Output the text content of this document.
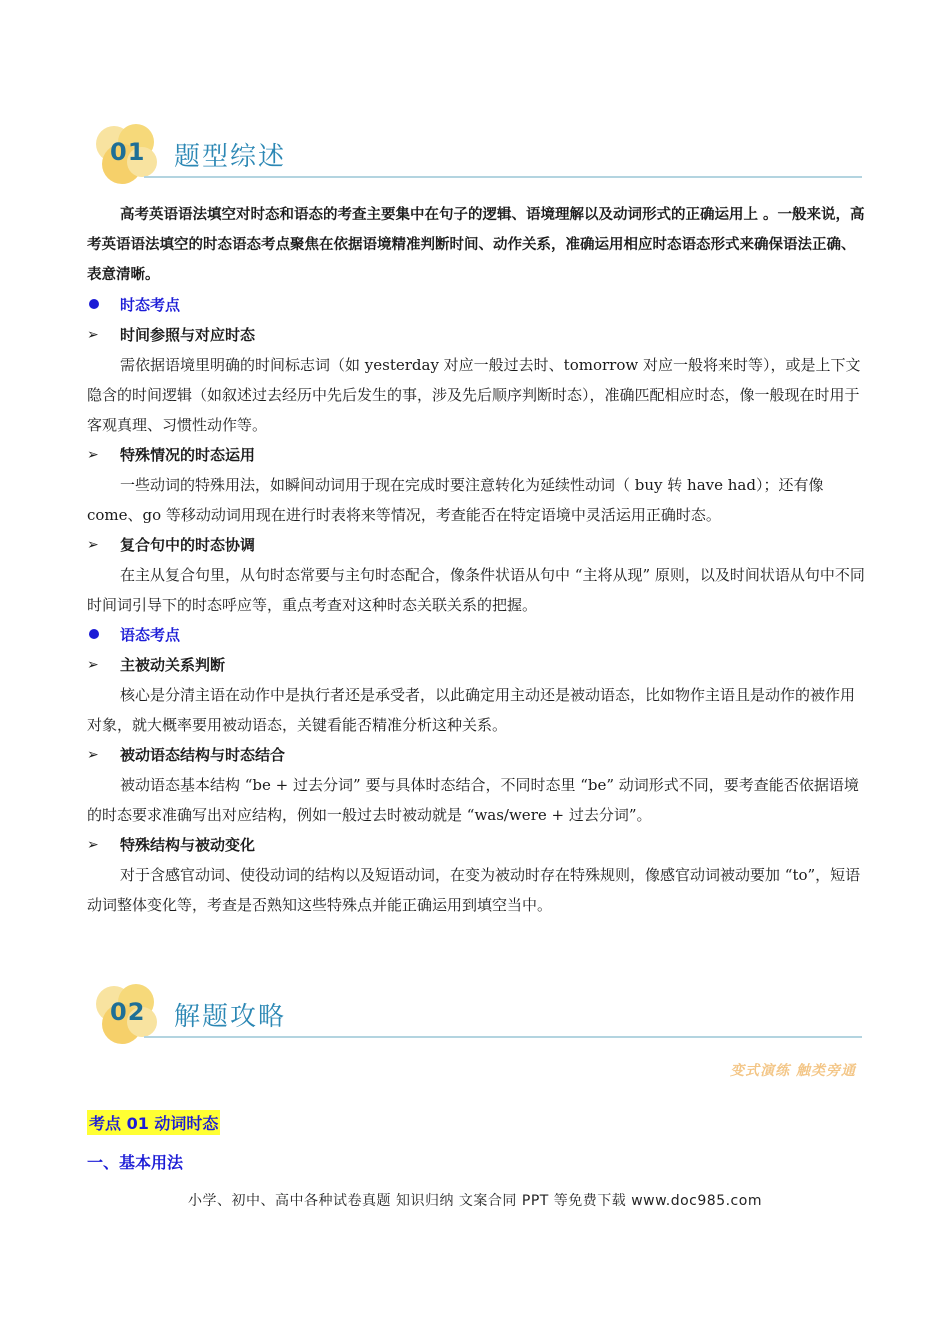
01 题型综述

高考英语语法填空对时态和语态的考查主要集中在句子的逻辑、语境理解以及动词形式的正确运用上 。一般来说，高考英语语法填空的时态语态考点聚焦在依据语境精准判断时间、动作关系，准确运用相应时态语态形式来确保语法正确、表意清晰。

时态考点
➢ 时间参照与对应时态

需依据语境里明确的时间标志词（如 yesterday 对应一般过去时、tomorrow 对应一般将来时等），或是上下文隐含的时间逻辑（如叙述过去经历中先后发生的事，涉及先后顺序判断时态），准确匹配相应时态，像一般现在时用于客观真理、习惯性动作等。

➢ 特殊情况的时态运用

一些动词的特殊用法，如瞬间动词用于现在完成时要注意转化为延续性动词（ buy 转 have had）；还有像 come、go 等移动动词用现在进行时表将来等情况，考查能否在特定语境中灵活运用正确时态。

➢ 复合句中的时态协调

在主从复合句里，从句时态常要与主句时态配合，像条件状语从句中 “主将从现” 原则，以及时间状语从句中不同时间词引导下的时态呼应等，重点考查对这种时态关联关系的把握。

语态考点
➢ 主被动关系判断

核心是分清主语在动作中是执行者还是承受者，以此确定用主动还是被动语态，比如物作主语且是动作的被作用对象，就大概率要用被动语态，关键看能否精准分析这种关系。

➢ 被动语态结构与时态结合

被动语态基本结构 “be + 过去分词” 要与具体时态结合，不同时态里 “be” 动词形式不同，要考查能否依据语境的时态要求准确写出对应结构，例如一般过去时被动就是 “was/were + 过去分词”。

➢ 特殊结构与被动变化

对于含感官动词、使役动词的结构以及短语动词，在变为被动时存在特殊规则，像感官动词被动要加 “to”，短语动词整体变化等，考查是否熟知这些特殊点并能正确运用到填空当中。

02 解题攻略
变式演练 触类旁通
考点 01 动词时态
一、基本用法
小学、初中、高中各种试卷真题 知识归纳 文案合同 PPT 等免费下载 www.doc985.com
